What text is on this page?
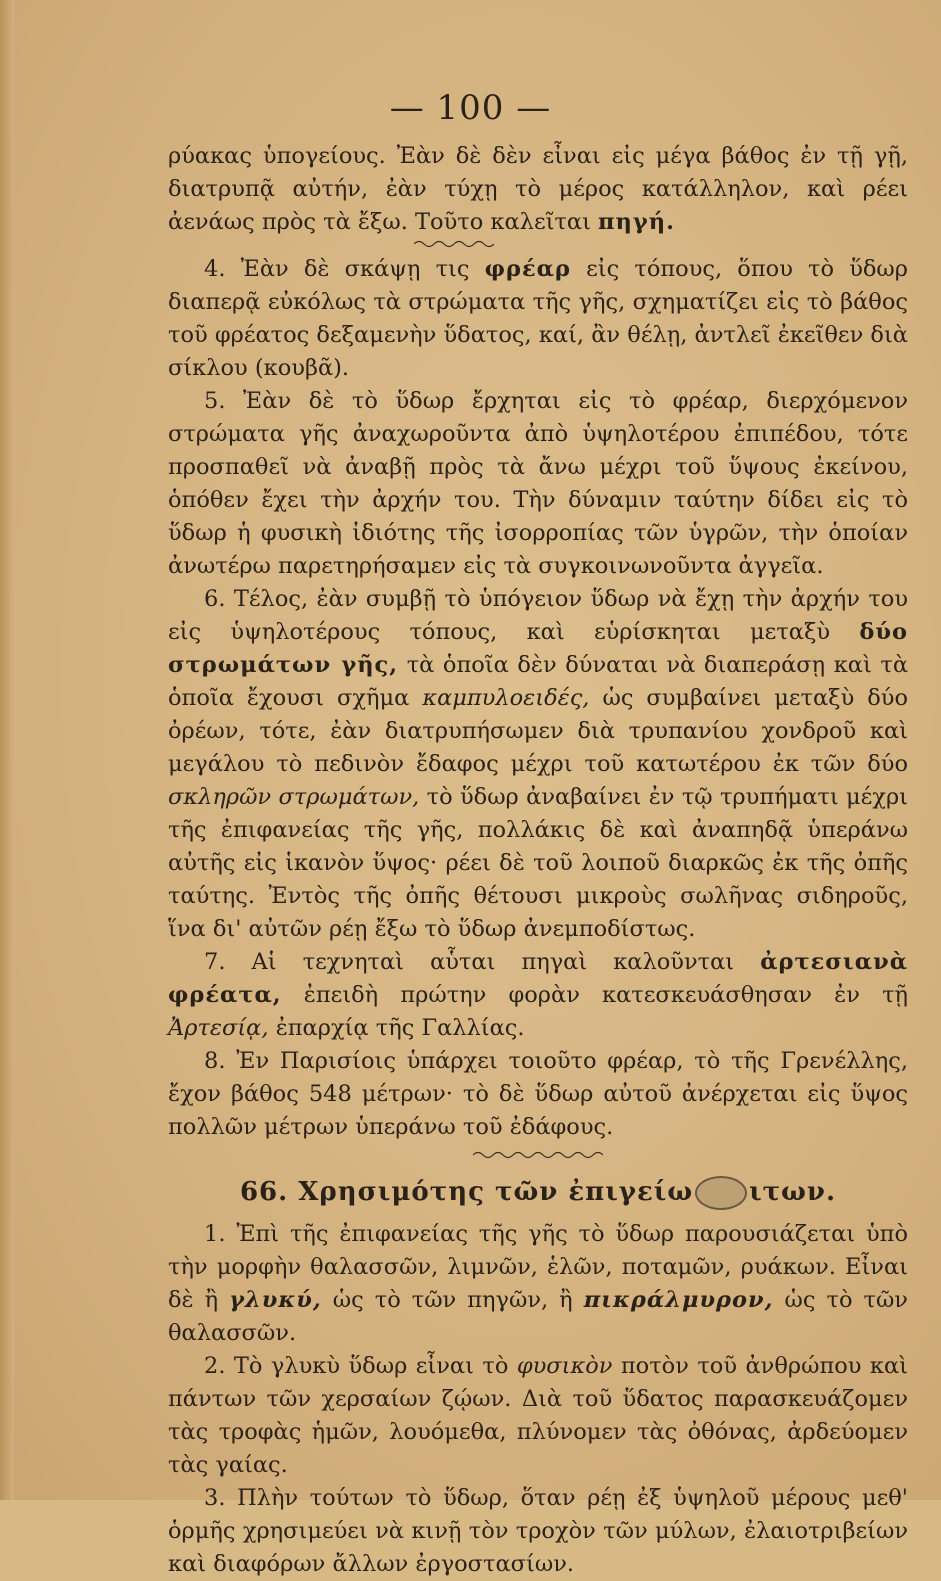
— 100 —

ρύακας ὑπογείους. Ἐὰν δὲ δὲν εἶναι εἰς μέγα βάθος ἐν τῇ γῇ, διατρυπᾷ αὐτήν, ἐὰν τύχῃ τὸ μέρος κατάλληλον, καὶ ρέει ἀενάως πρὸς τὰ ἔξω. Τοῦτο καλεῖται πηγή.

4. Ἐὰν δὲ σκάψῃ τις φρέαρ εἰς τόπους, ὅπου τὸ ὕδωρ διαπερᾷ εὐκόλως τὰ στρώματα τῆς γῆς, σχηματίζει εἰς τὸ βάθος τοῦ φρέατος δεξαμενὴν ὕδατος, καί, ἂν θέλῃ, ἀντλεῖ ἐκεῖθεν διὰ σίκλου (κουβᾶ).

5. Ἐὰν δὲ τὸ ὕδωρ ἔρχηται εἰς τὸ φρέαρ, διερχόμενον στρώματα γῆς ἀναχωροῦντα ἀπὸ ὑψηλοτέρου ἐπιπέδου, τότε προσπαθεῖ νὰ ἀναβῇ πρὸς τὰ ἄνω μέχρι τοῦ ὕψους ἐκείνου, ὁπόθεν ἔχει τὴν ἀρχήν του. Τὴν δύναμιν ταύτην δίδει εἰς τὸ ὕδωρ ἡ φυσικὴ ἰδιότης τῆς ἰσορροπίας τῶν ὑγρῶν, τὴν ὁποίαν ἀνωτέρω παρετηρήσαμεν εἰς τὰ συγκοινωνοῦντα ἀγγεῖα.

6. Τέλος, ἐὰν συμβῇ τὸ ὑπόγειον ὕδωρ νὰ ἔχῃ τὴν ἀρχήν του εἰς ὑψηλοτέρους τόπους, καὶ εὑρίσκηται μεταξὺ δύο στρωμάτων γῆς, τὰ ὁποῖα δὲν δύναται νὰ διαπεράσῃ καὶ τὰ ὁποῖα ἔχουσι σχῆμα καμπυλοειδές, ὡς συμβαίνει μεταξὺ δύο ὀρέων, τότε, ἐὰν διατρυπήσωμεν διὰ τρυπανίου χονδροῦ καὶ μεγάλου τὸ πεδινὸν ἔδαφος μέχρι τοῦ κατωτέρου ἐκ τῶν δύο σκληρῶν στρωμάτων, τὸ ὕδωρ ἀναβαίνει ἐν τῷ τρυπήματι μέχρι τῆς ἐπιφανείας τῆς γῆς, πολλάκις δὲ καὶ ἀναπηδᾷ ὑπεράνω αὐτῆς εἰς ἱκανὸν ὕψος· ρέει δὲ τοῦ λοιποῦ διαρκῶς ἐκ τῆς ὀπῆς ταύτης. Ἐντὸς τῆς ὀπῆς θέτουσι μικροὺς σωλῆνας σιδηροῦς, ἵνα δι' αὐτῶν ρέῃ ἔξω τὸ ὕδωρ ἀνεμποδίστως.

7. Αἱ τεχνηταὶ αὗται πηγαὶ καλοῦνται ἀρτεσιανὰ φρέατα, ἐπειδὴ πρώτην φορὰν κατεσκευάσθησαν ἐν τῇ Ἀρτεσίᾳ, ἐπαρχίᾳ τῆς Γαλλίας.

8. Ἐν Παρισίοις ὑπάρχει τοιοῦτο φρέαρ, τὸ τῆς Γρενέλλης, ἔχον βάθος 548 μέτρων· τὸ δὲ ὕδωρ αὐτοῦ ἀνέρχεται εἰς ὕψος πολλῶν μέτρων ὑπεράνω τοῦ ἐδάφους.

66. Χρησιμότης τῶν ἐπιγείω ιτων.

1. Ἐπὶ τῆς ἐπιφανείας τῆς γῆς τὸ ὕδωρ παρουσιάζεται ὑπὸ τὴν μορφὴν θαλασσῶν, λιμνῶν, ἑλῶν, ποταμῶν, ρυάκων. Εἶναι δὲ ἢ γλυκύ, ὡς τὸ τῶν πηγῶν, ἢ πικράλμυρον, ὡς τὸ τῶν θαλασσῶν.

2. Τὸ γλυκὺ ὕδωρ εἶναι τὸ φυσικὸν ποτὸν τοῦ ἀνθρώπου καὶ πάντων τῶν χερσαίων ζῴων. Διὰ τοῦ ὕδατος παρασκευάζομεν τὰς τροφὰς ἡμῶν, λουόμεθα, πλύνομεν τὰς ὀθόνας, ἀρδεύομεν τὰς γαίας.

3. Πλὴν τούτων τὸ ὕδωρ, ὅταν ρέῃ ἐξ ὑψηλοῦ μέρους μεθ' ὁρμῆς χρησιμεύει νὰ κινῇ τὸν τροχὸν τῶν μύλων, ἐλαιοτριβείων καὶ διαφόρων ἄλλων ἐργοστασίων.
